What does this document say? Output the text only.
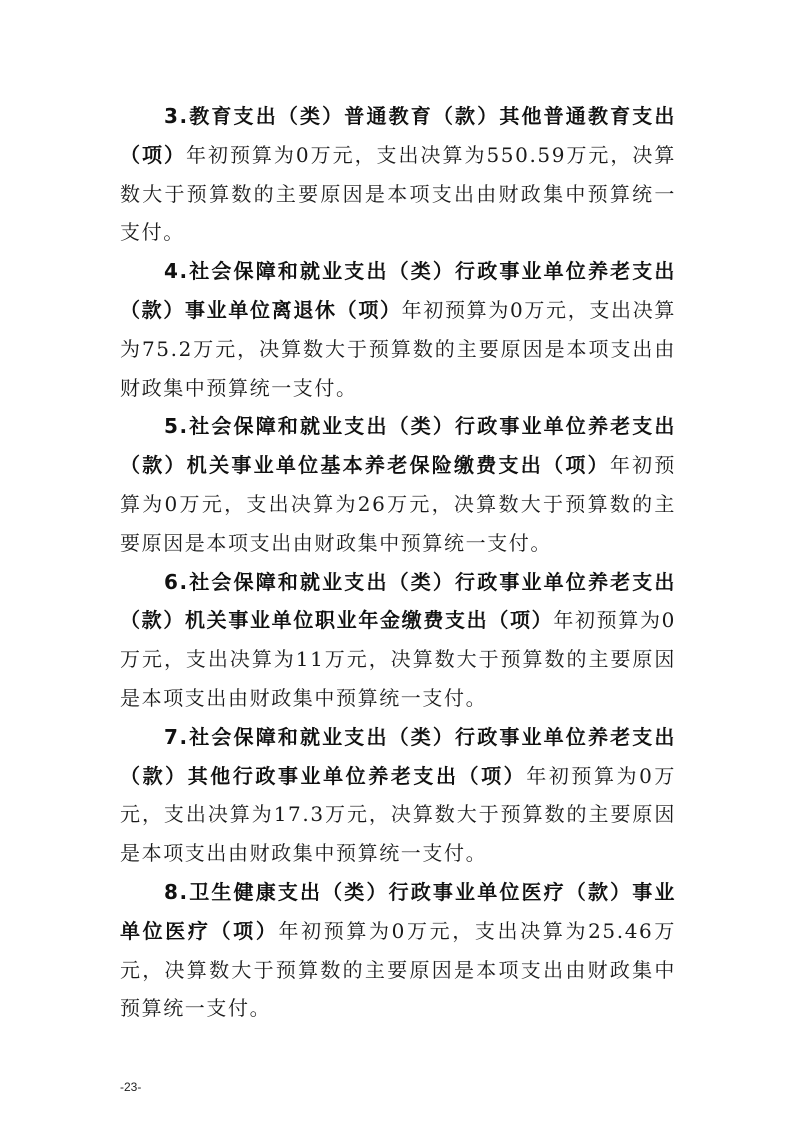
3.教育支出（类）普通教育（款）其他普通教育支出（项）年初预算为0万元，支出决算为550.59万元，决算数大于预算数的主要原因是本项支出由财政集中预算统一支付。

4.社会保障和就业支出（类）行政事业单位养老支出（款）事业单位离退休（项）年初预算为0万元，支出决算为75.2万元，决算数大于预算数的主要原因是本项支出由财政集中预算统一支付。

5.社会保障和就业支出（类）行政事业单位养老支出（款）机关事业单位基本养老保险缴费支出（项）年初预算为0万元，支出决算为26万元，决算数大于预算数的主要原因是本项支出由财政集中预算统一支付。

6.社会保障和就业支出（类）行政事业单位养老支出（款）机关事业单位职业年金缴费支出（项）年初预算为0万元，支出决算为11万元，决算数大于预算数的主要原因是本项支出由财政集中预算统一支付。

7.社会保障和就业支出（类）行政事业单位养老支出（款）其他行政事业单位养老支出（项）年初预算为0万元，支出决算为17.3万元，决算数大于预算数的主要原因是本项支出由财政集中预算统一支付。

8.卫生健康支出（类）行政事业单位医疗（款）事业单位医疗（项）年初预算为0万元，支出决算为25.46万元，决算数大于预算数的主要原因是本项支出由财政集中预算统一支付。

-23-
